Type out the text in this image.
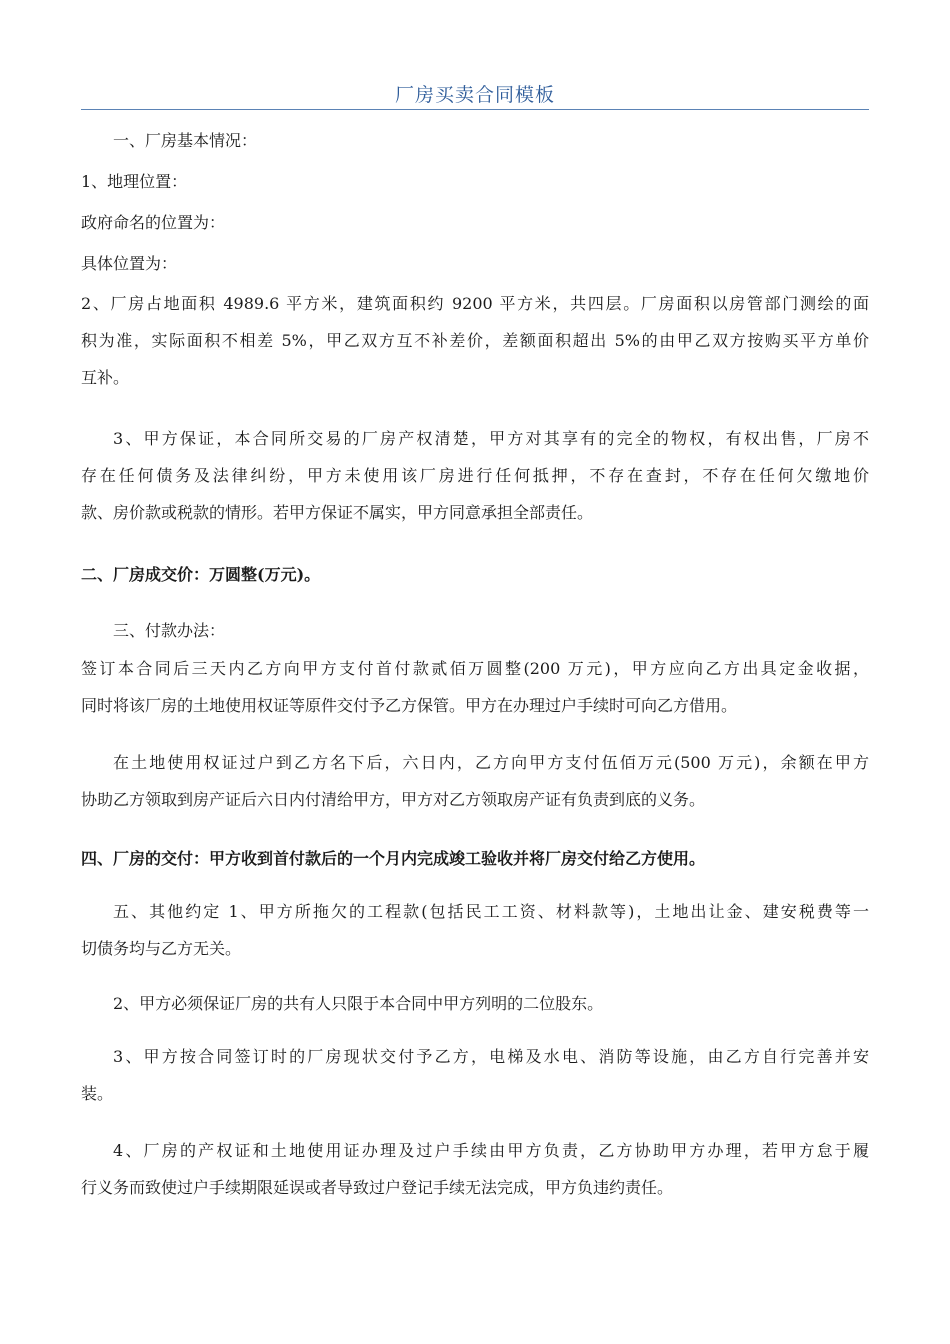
厂房买卖合同模板
一、厂房基本情况：
1、地理位置：
政府命名的位置为：
具体位置为：
2、厂房占地面积 4989.6 平方米，建筑面积约 9200 平方米，共四层。厂房面积以房管部门测绘的面
积为准，实际面积不相差 5%，甲乙双方互不补差价，差额面积超出 5%的由甲乙双方按购买平方单价
互补。
3、甲方保证，本合同所交易的厂房产权清楚，甲方对其享有的完全的物权，有权出售，厂房不
存在任何债务及法律纠纷，甲方未使用该厂房进行任何抵押，不存在查封，不存在任何欠缴地价
款、房价款或税款的情形。若甲方保证不属实，甲方同意承担全部责任。
二、厂房成交价：万圆整(万元)。
三、付款办法：
签订本合同后三天内乙方向甲方支付首付款贰佰万圆整(200 万元)，甲方应向乙方出具定金收据，
同时将该厂房的土地使用权证等原件交付予乙方保管。甲方在办理过户手续时可向乙方借用。
在土地使用权证过户到乙方名下后，六日内，乙方向甲方支付伍佰万元(500 万元)，余额在甲方
协助乙方领取到房产证后六日内付清给甲方，甲方对乙方领取房产证有负责到底的义务。
四、厂房的交付：甲方收到首付款后的一个月内完成竣工验收并将厂房交付给乙方使用。
五、其他约定 1、甲方所拖欠的工程款(包括民工工资、材料款等)，土地出让金、建安税费等一
切债务均与乙方无关。
2、甲方必须保证厂房的共有人只限于本合同中甲方列明的二位股东。
3、甲方按合同签订时的厂房现状交付予乙方，电梯及水电、消防等设施，由乙方自行完善并安
装。
4、厂房的产权证和土地使用证办理及过户手续由甲方负责，乙方协助甲方办理，若甲方怠于履
行义务而致使过户手续期限延误或者导致过户登记手续无法完成，甲方负违约责任。
